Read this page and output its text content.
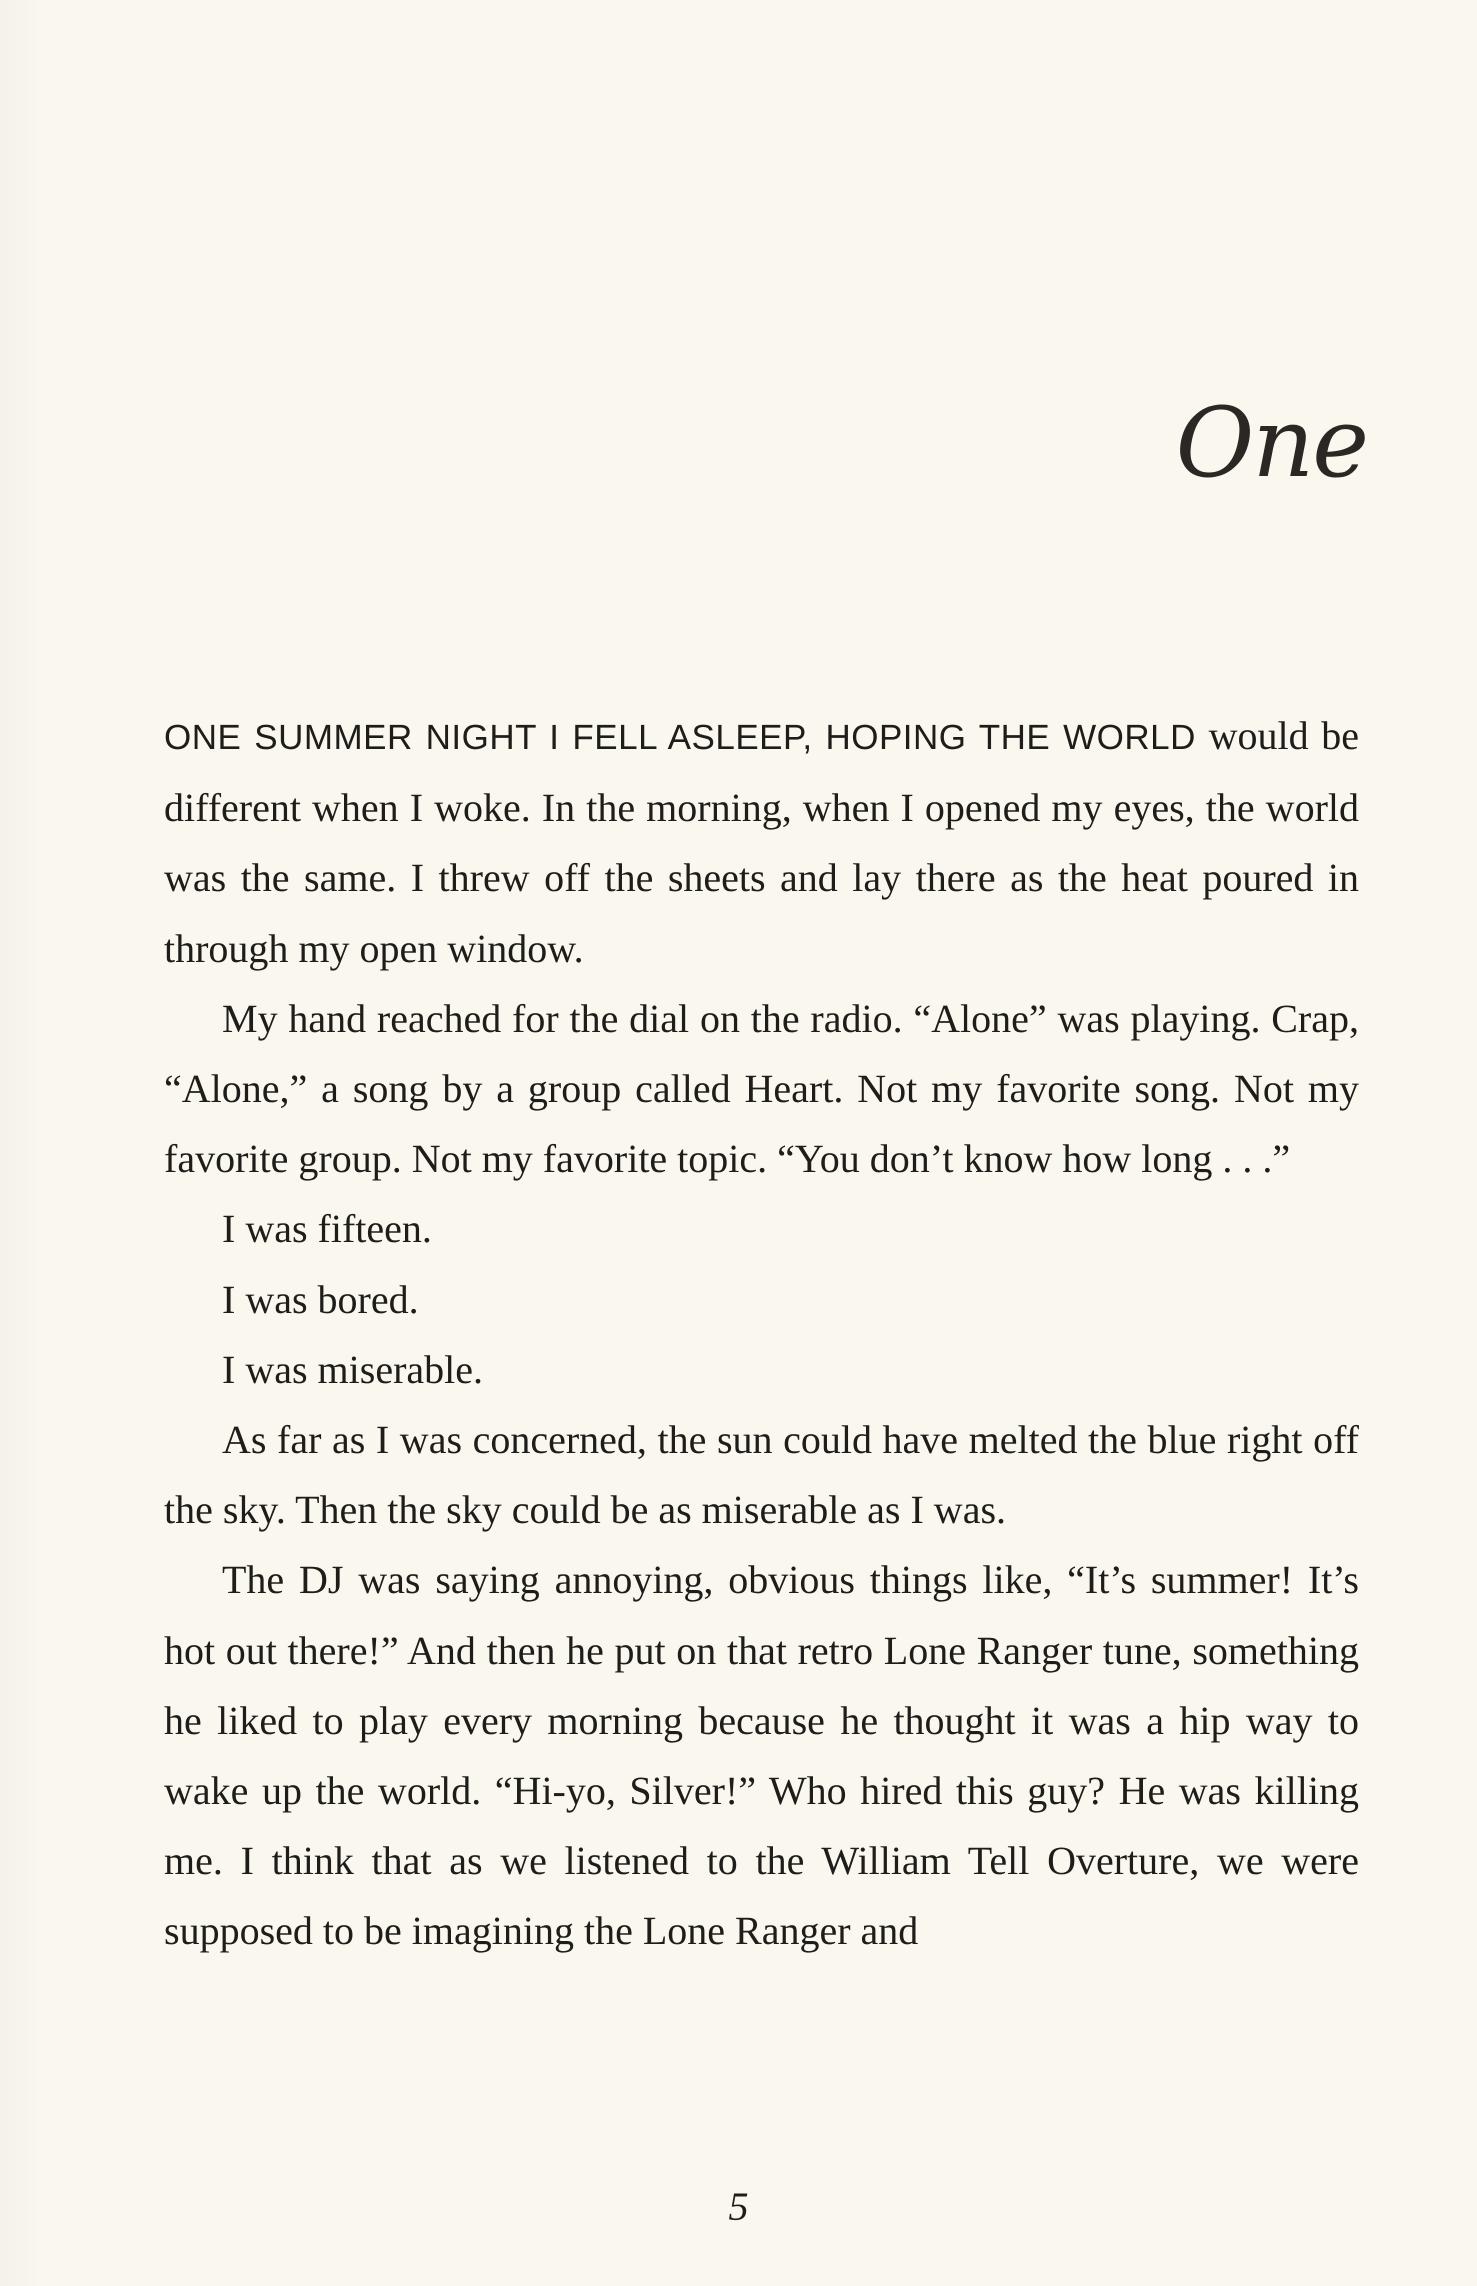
One

ONE SUMMER NIGHT I FELL ASLEEP, HOPING THE WORLD would be different when I woke. In the morning, when I opened my eyes, the world was the same. I threw off the sheets and lay there as the heat poured in through my open window.

My hand reached for the dial on the radio. “Alone” was playing. Crap, “Alone,” a song by a group called Heart. Not my favorite song. Not my favorite group. Not my favorite topic. “You don’t know how long . . .”

I was fifteen.

I was bored.

I was miserable.

As far as I was concerned, the sun could have melted the blue right off the sky. Then the sky could be as miserable as I was.

The DJ was saying annoying, obvious things like, “It’s summer! It’s hot out there!” And then he put on that retro Lone Ranger tune, something he liked to play every morning because he thought it was a hip way to wake up the world. “Hi-yo, Silver!” Who hired this guy? He was killing me. I think that as we listened to the William Tell Overture, we were supposed to be imagining the Lone Ranger and

5
